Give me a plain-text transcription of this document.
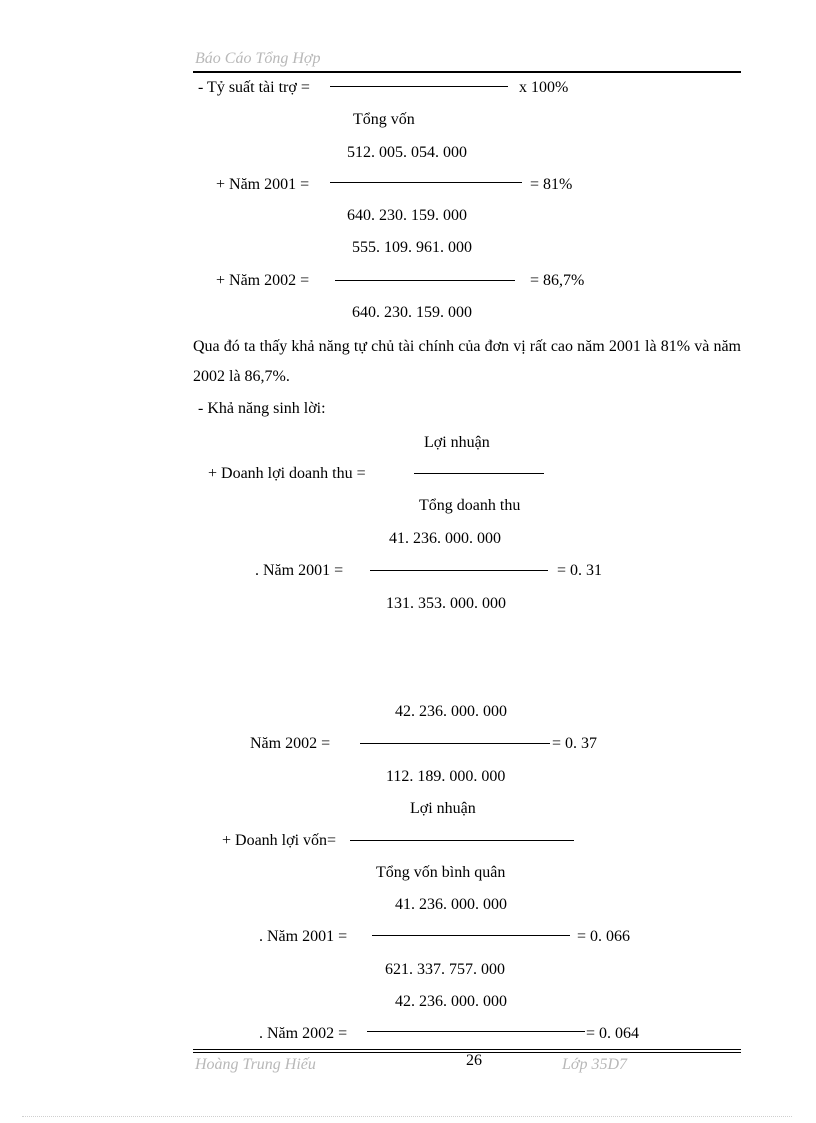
Báo Cáo Tổng Hợp
- Tỷ suất tài trợ =	x 100%
Tổng vốn
512. 005. 054. 000
+ Năm 2001 =	= 81%
640. 230. 159. 000
555. 109. 961. 000
+ Năm 2002 =	= 86,7%
640. 230. 159. 000
Qua đó ta thấy khả năng tự chủ tài chính của đơn vị rất cao năm 2001 là 81% và năm 2002 là 86,7%.
- Khả năng sinh lời:
Lợi nhuận
+ Doanh lợi doanh thu =
Tổng doanh thu
41. 236. 000. 000
. Năm 2001 =	= 0. 31
131. 353. 000. 000
42. 236. 000. 000
Năm 2002 =	= 0. 37
112. 189. 000. 000
Lợi nhuận
+ Doanh lợi vốn=
Tổng vốn bình quân
41. 236. 000. 000
. Năm 2001 =	= 0. 066
621. 337. 757. 000
42. 236. 000. 000
. Năm 2002 =	= 0. 064
Hoàng Trung Hiếu	26	Lớp 35D7
